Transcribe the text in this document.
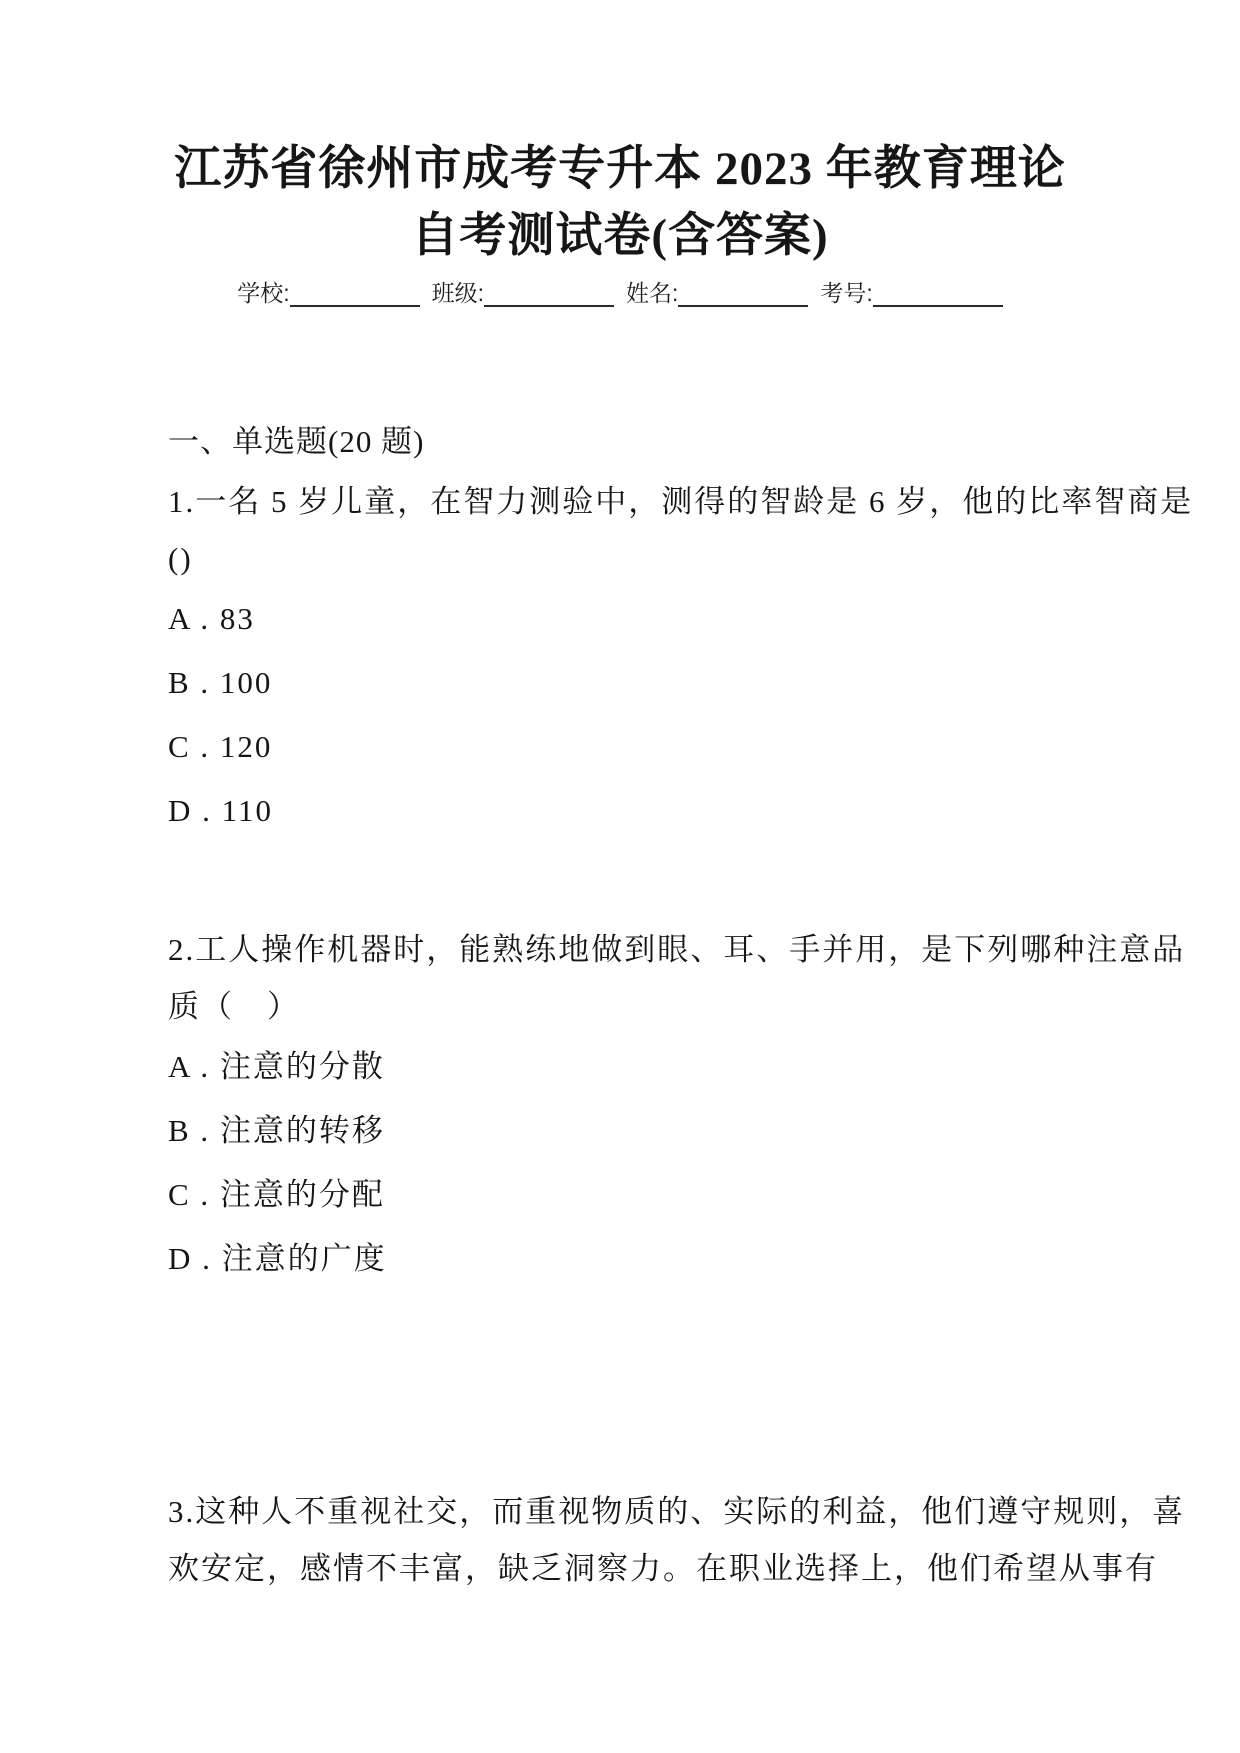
江苏省徐州市成考专升本 2023 年教育理论
自考测试卷(含答案)
学校:	班级:	姓名:	考号:
一、单选题(20 题)

1.一名 5 岁儿童，在智力测验中，测得的智龄是 6 岁，他的比率智商是

()

A . 83

B . 100

C . 120

D . 110

2.工人操作机器时，能熟练地做到眼、耳、手并用，是下列哪种注意品

质（　）

A . 注意的分散

B . 注意的转移

C . 注意的分配

D . 注意的广度

3.这种人不重视社交，而重视物质的、实际的利益，他们遵守规则，喜

欢安定，感情不丰富，缺乏洞察力。在职业选择上，他们希望从事有
